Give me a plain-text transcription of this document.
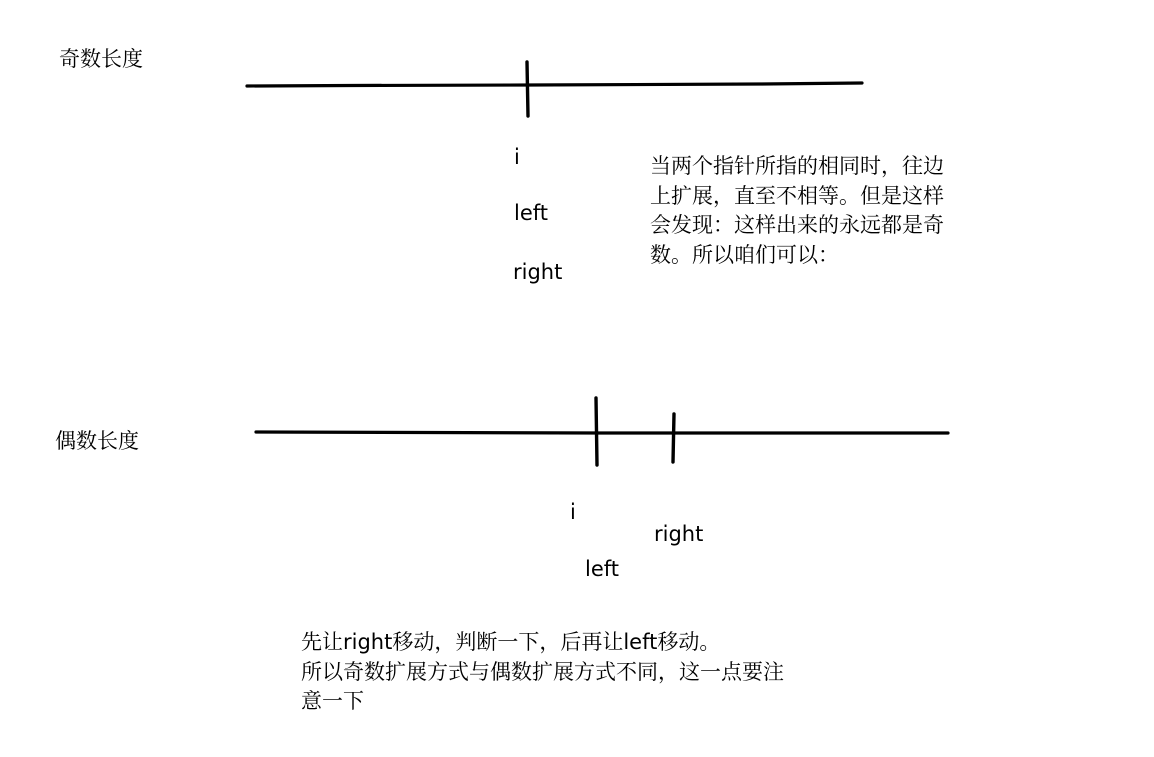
奇数长度
i
left
right
当两个指针所指的相同时，往边
上扩展，直至不相等。但是这样
会发现：这样出来的永远都是奇
数。所以咱们可以：
偶数长度
i
left
right
先让right移动，判断一下，后再让left移动。
所以奇数扩展方式与偶数扩展方式不同，这一点要注
意一下
